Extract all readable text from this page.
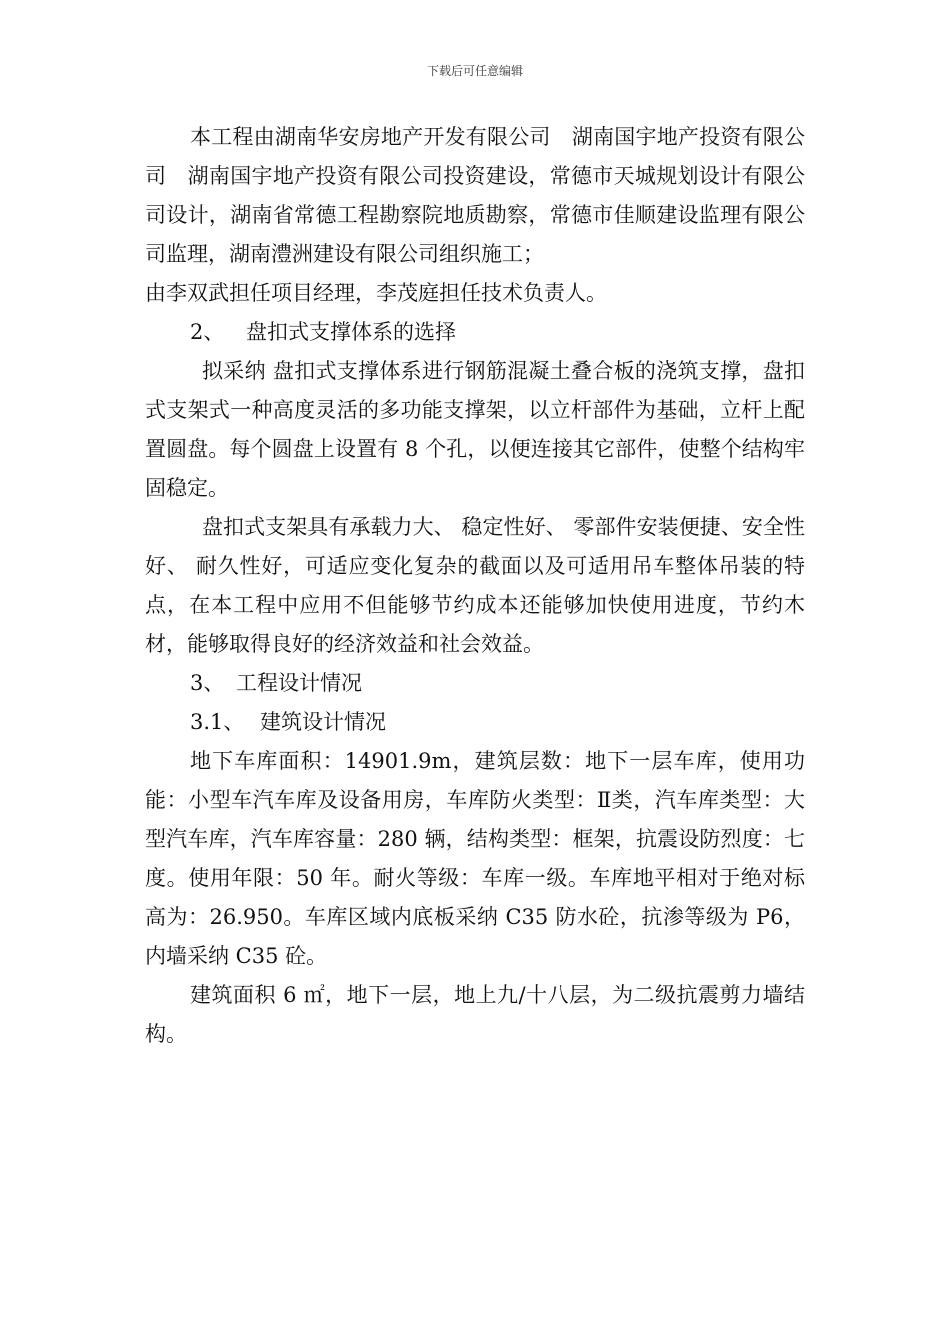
下载后可任意编辑

本工程由湖南华安房地产开发有限公司　湖南国宇地产投资有限公司　湖南国宇地产投资有限公司投资建设，常德市天城规划设计有限公司设计，湖南省常德工程勘察院地质勘察，常德市佳顺建设监理有限公司监理，湖南澧洲建设有限公司组织施工；

由李双武担任项目经理，李茂庭担任技术负责人。

2、 盘扣式支撑体系的选择

拟采纳 盘扣式支撑体系进行钢筋混凝土叠合板的浇筑支撑，盘扣式支架式一种高度灵活的多功能支撑架，以立杆部件为基础，立杆上配置圆盘。每个圆盘上设置有 8 个孔，以便连接其它部件，使整个结构牢固稳定。

盘扣式支架具有承载力大、 稳定性好、 零部件安装便捷、安全性好、 耐久性好，可适应变化复杂的截面以及可适用吊车整体吊装的特点，在本工程中应用不但能够节约成本还能够加快使用进度，节约木材，能够取得良好的经济效益和社会效益。

3、 工程设计情况

3.1、 建筑设计情况

地下车库面积：14901.9m，建筑层数：地下一层车库，使用功能：小型车汽车库及设备用房，车库防火类型：Ⅱ类，汽车库类型：大型汽车库，汽车库容量：280 辆，结构类型：框架，抗震设防烈度：七度。使用年限：50 年。耐火等级：车库一级。车库地平相对于绝对标高为：26.950。车库区域内底板采纳 C35 防水砼，抗渗等级为 P6，内墙采纳 C35 砼。

建筑面积 6 ㎡，地下一层，地上九/十八层，为二级抗震剪力墙结构。
